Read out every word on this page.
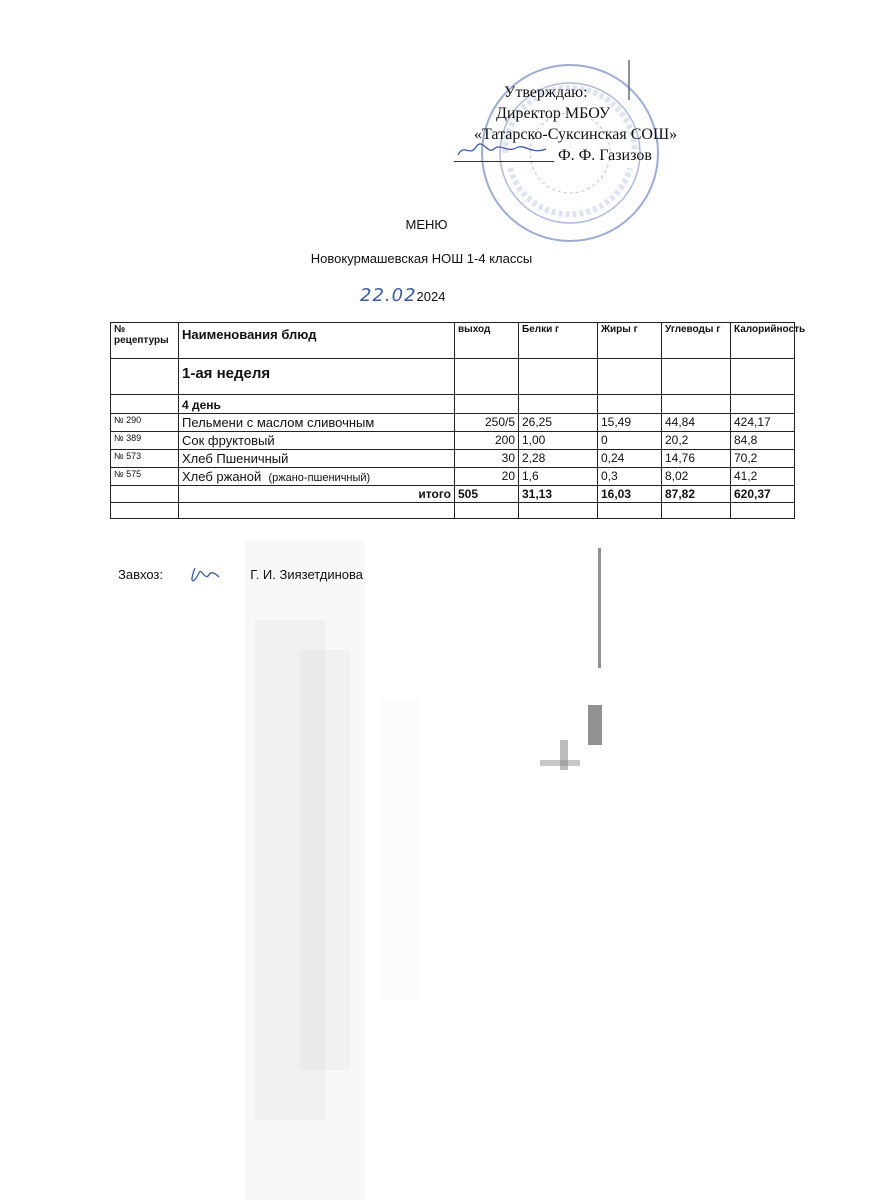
Утверждаю:
Директор МБОУ
«Татарско-Суксинская СОШ»
Ф. Ф. Газизов
МЕНЮ
Новокурмашевская НОШ 1-4 классы
22.022024
№ рецептуры	Наименования блюд	выход	Белки г	Жиры г	Углеводы г	Калорийность
	1-ая неделя					
	4 день					
№ 290	Пельмени с маслом сливочным	250/5	26,25	15,49	44,84	424,17
№ 389	Сок фруктовый	200	1,00	0	20,2	84,8
№ 573	Хлеб Пшеничный	30	2,28	0,24	14,76	70,2
№ 575	Хлеб ржаной (ржано-пшеничный)	20	1,6	0,3	8,02	41,2
	итого	505	31,13	16,03	87,82	620,37

Завхоз:	Г. И. Зиязетдинова
